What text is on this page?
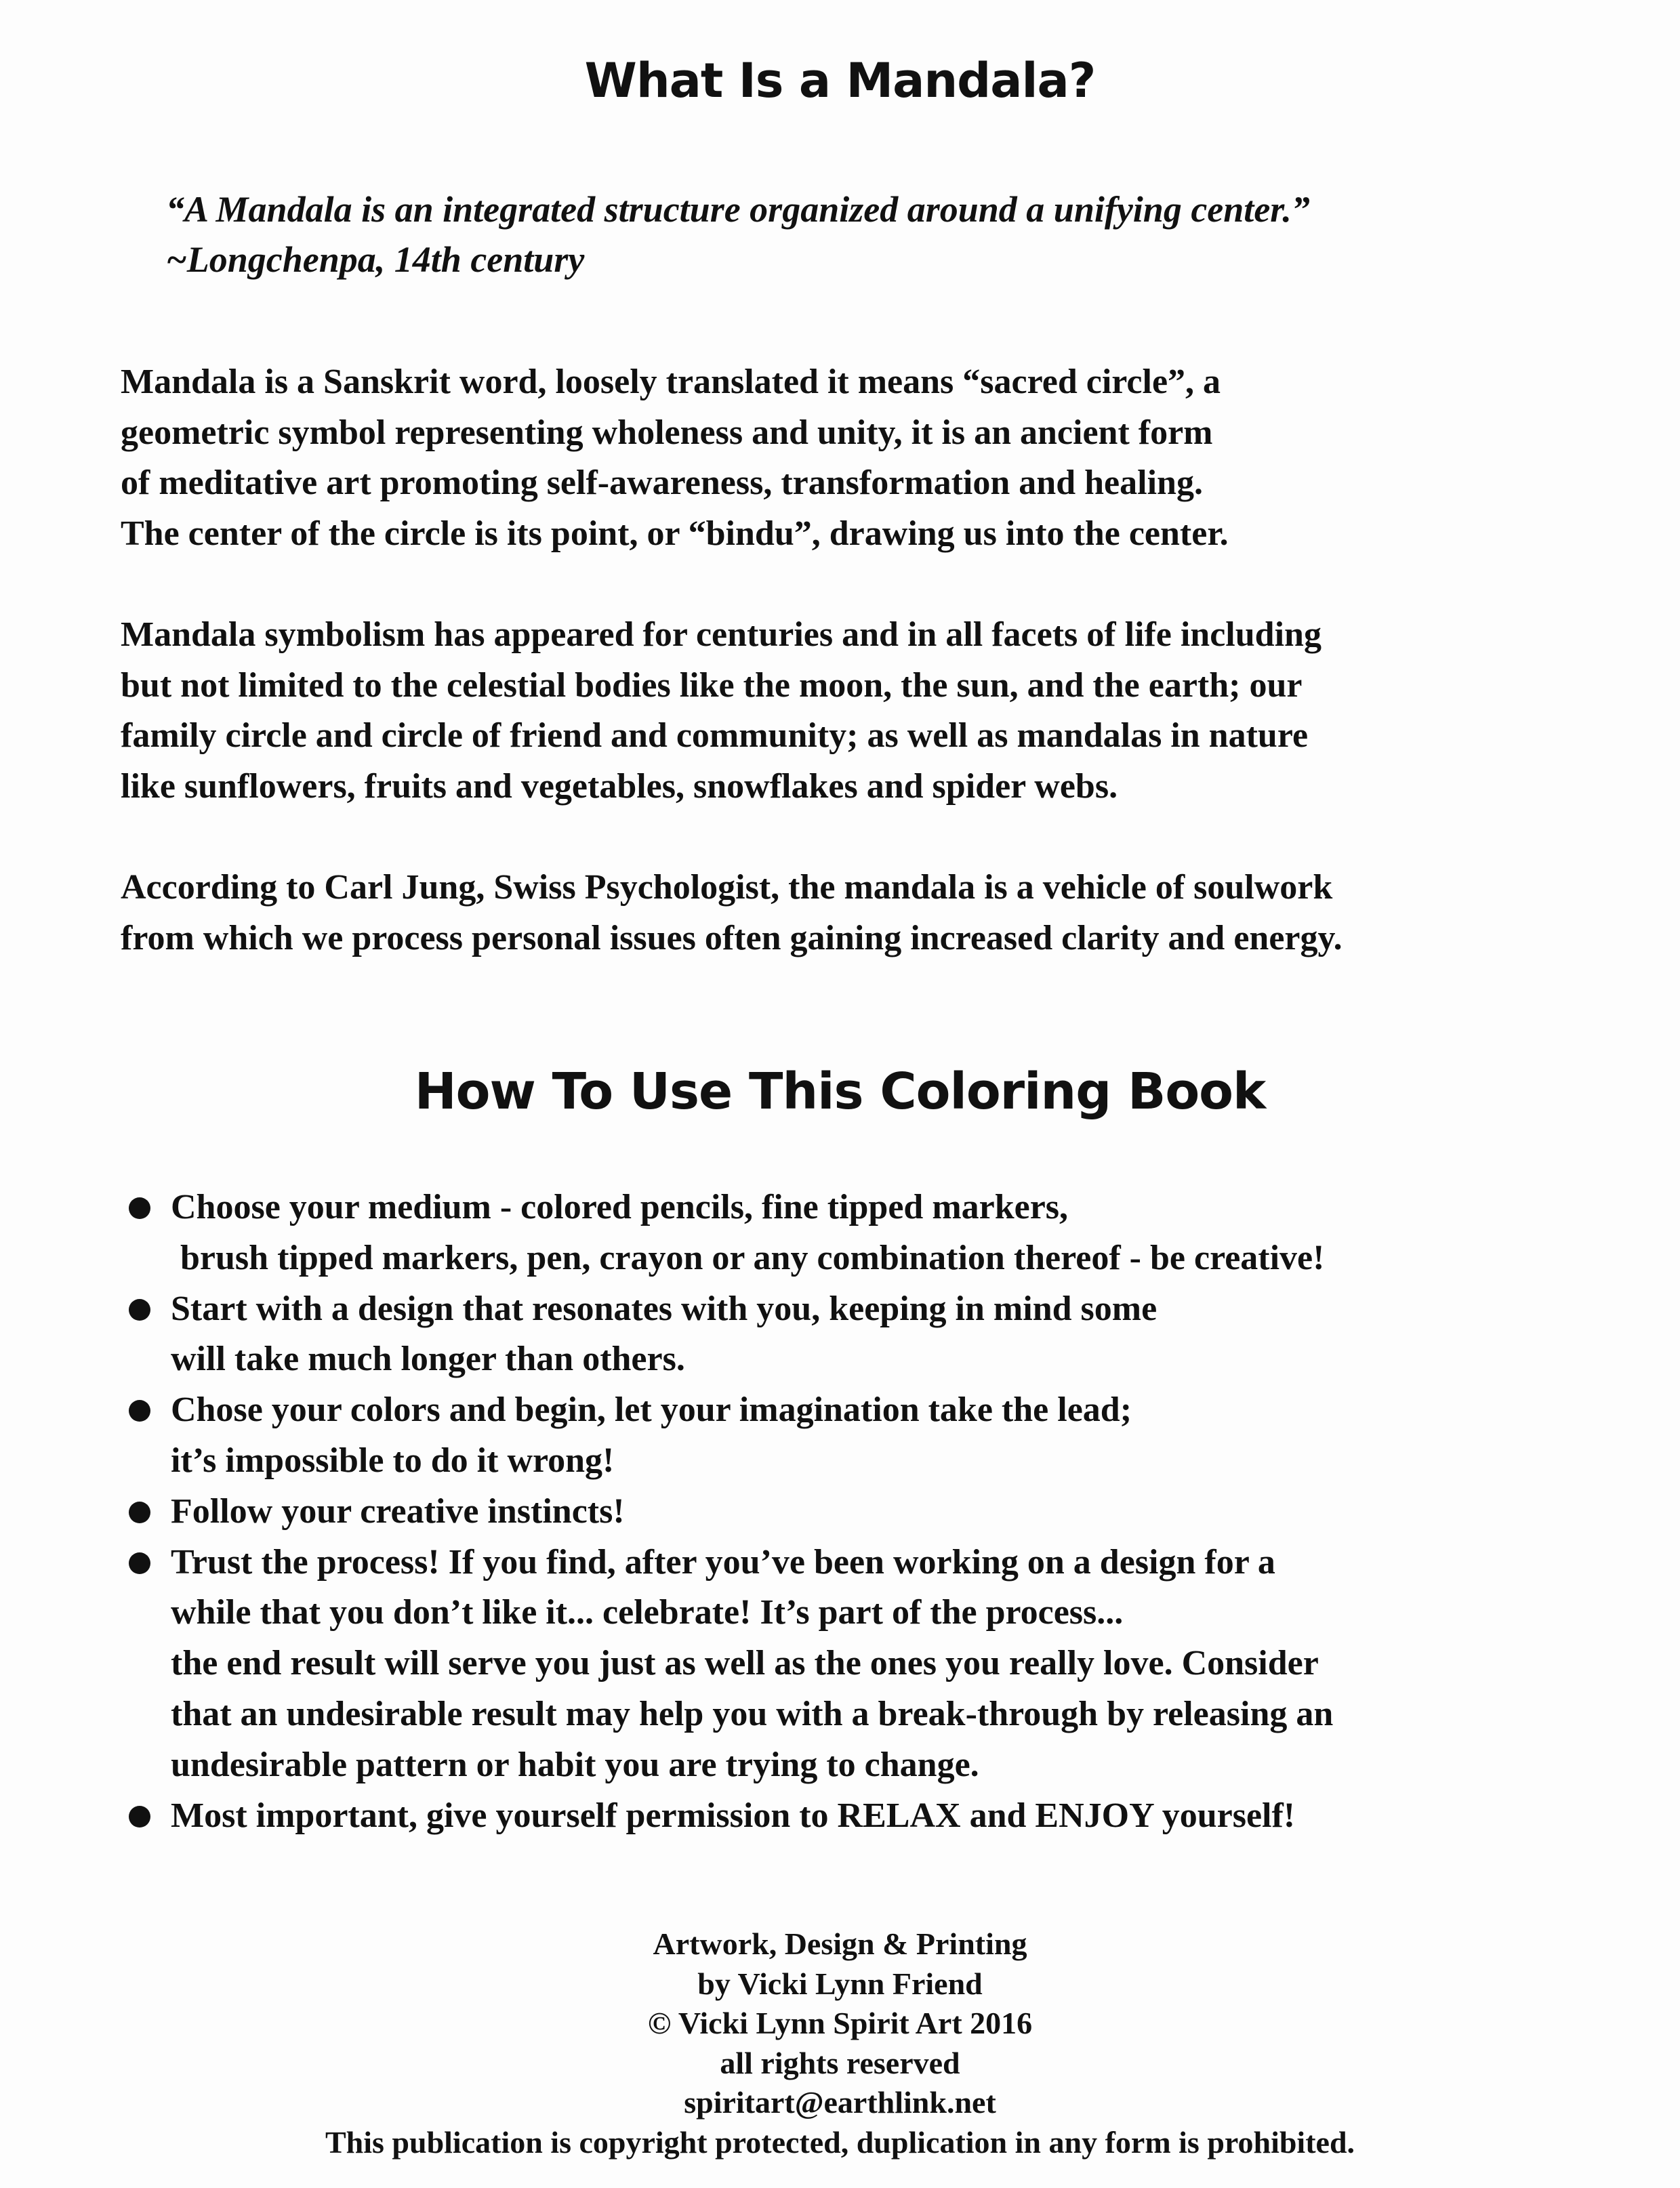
What Is a Mandala?
“A Mandala is an integrated structure organized around a unifying center.”
~Longchenpa, 14th century
Mandala is a Sanskrit word, loosely translated it means “sacred circle”, a
geometric symbol representing wholeness and unity, it is an ancient form
of meditative art promoting self-awareness, transformation and healing.
The center of the circle is its point, or “bindu”, drawing us into the center.
Mandala symbolism has appeared for centuries and in all facets of life including
but not limited to the celestial bodies like the moon, the sun, and the earth; our
family circle and circle of friend and community; as well as mandalas in nature
like sunflowers, fruits and vegetables, snowflakes and spider webs.
According to Carl Jung, Swiss Psychologist, the mandala is a vehicle of soulwork
from which we process personal issues often gaining increased clarity and energy.
How To Use This Coloring Book
Choose your medium - colored pencils, fine tipped markers,
brush tipped markers, pen, crayon or any combination thereof - be creative!
Start with a design that resonates with you, keeping in mind some
will take much longer than others.
Chose your colors and begin, let your imagination take the lead;
it’s impossible to do it wrong!
Follow your creative instincts!
Trust the process! If you find, after you’ve been working on a design for a
while that you don’t like it... celebrate! It’s part of the process...
the end result will serve you just as well as the ones you really love. Consider
that an undesirable result may help you with a break-through by releasing an
undesirable pattern or habit you are trying to change.
Most important, give yourself permission to RELAX and ENJOY yourself!
Artwork, Design & Printing
by Vicki Lynn Friend
© Vicki Lynn Spirit Art 2016
all rights reserved
spiritart@earthlink.net
This publication is copyright protected, duplication in any form is prohibited.
